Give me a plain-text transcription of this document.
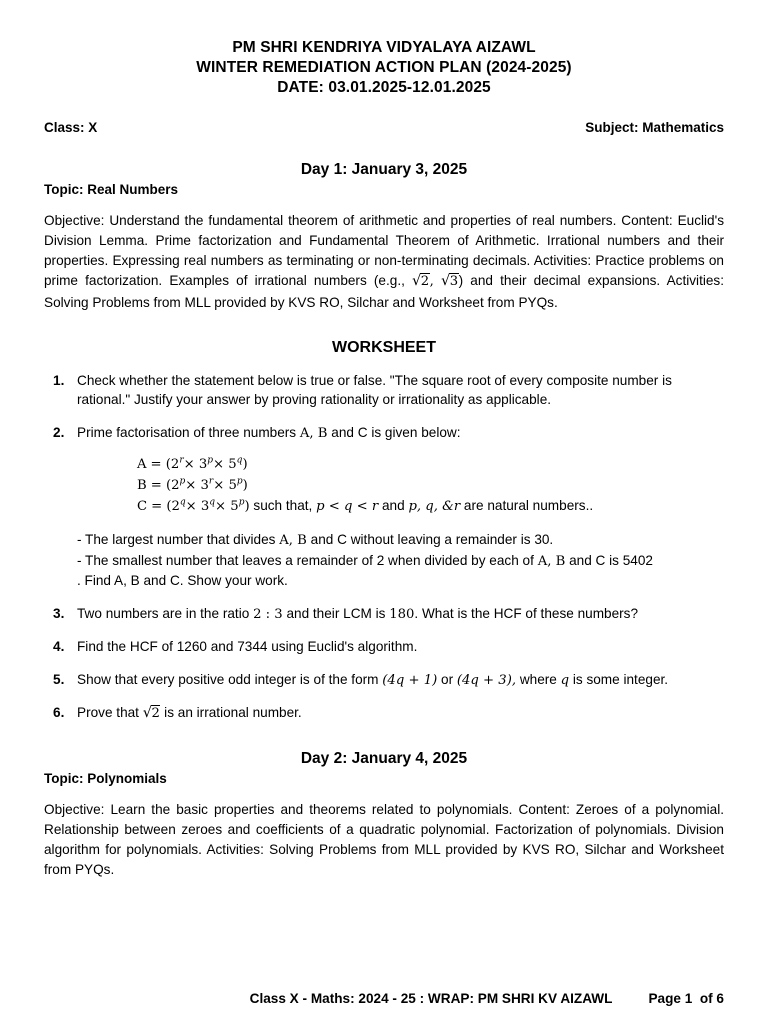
PM SHRI KENDRIYA VIDYALAYA AIZAWL
WINTER REMEDIATION ACTION PLAN (2024-2025)
DATE: 03.01.2025-12.01.2025
Class: X	Subject: Mathematics
Day 1: January 3, 2025
Topic: Real Numbers

Objective: Understand the fundamental theorem of arithmetic and properties of real numbers. Content: Euclid's Division Lemma. Prime factorization and Fundamental Theorem of Arithmetic. Irrational numbers and their properties. Expressing real numbers as terminating or non-terminating decimals. Activities: Practice problems on prime factorization. Examples of irrational numbers (e.g., √2, √3) and their decimal expansions. Activities: Solving Problems from MLL provided by KVS RO, Silchar and Worksheet from PYQs.

WORKSHEET
Check whether the statement below is true or false. "The square root of every composite number is rational." Justify your answer by proving rationality or irrationality as applicable.
Prime factorisation of three numbers A, B and C is given below:
$A = (2^r\times 3^p\times 5^q)$
$B = (2^p\times 3^r\times 5^p)$
$C = (2^q\times 3^q\times 5^p)$ such that, p < q < r and p, q, &r are natural numbers..
- The largest number that divides A, B and C without leaving a remainder is 30.
- The smallest number that leaves a remainder of 2 when divided by each of A, B and C is 5402
. Find A, B and C. Show your work.
Two numbers are in the ratio 2 : 3 and their LCM is 180. What is the HCF of these numbers?
Find the HCF of 1260 and 7344 using Euclid's algorithm.
Show that every positive odd integer is of the form (4q + 1) or (4q + 3), where q is some integer.
Prove that √2 is an irrational number.
Day 2: January 4, 2025
Topic: Polynomials

Objective: Learn the basic properties and theorems related to polynomials. Content: Zeroes of a polynomial. Relationship between zeroes and coefficients of a quadratic polynomial. Factorization of polynomials. Division algorithm for polynomials. Activities: Solving Problems from MLL provided by KVS RO, Silchar and Worksheet from PYQs.

Class X - Maths: 2024 - 25 : WRAP: PM SHRI KV AIZAWL	Page 1  of 6
